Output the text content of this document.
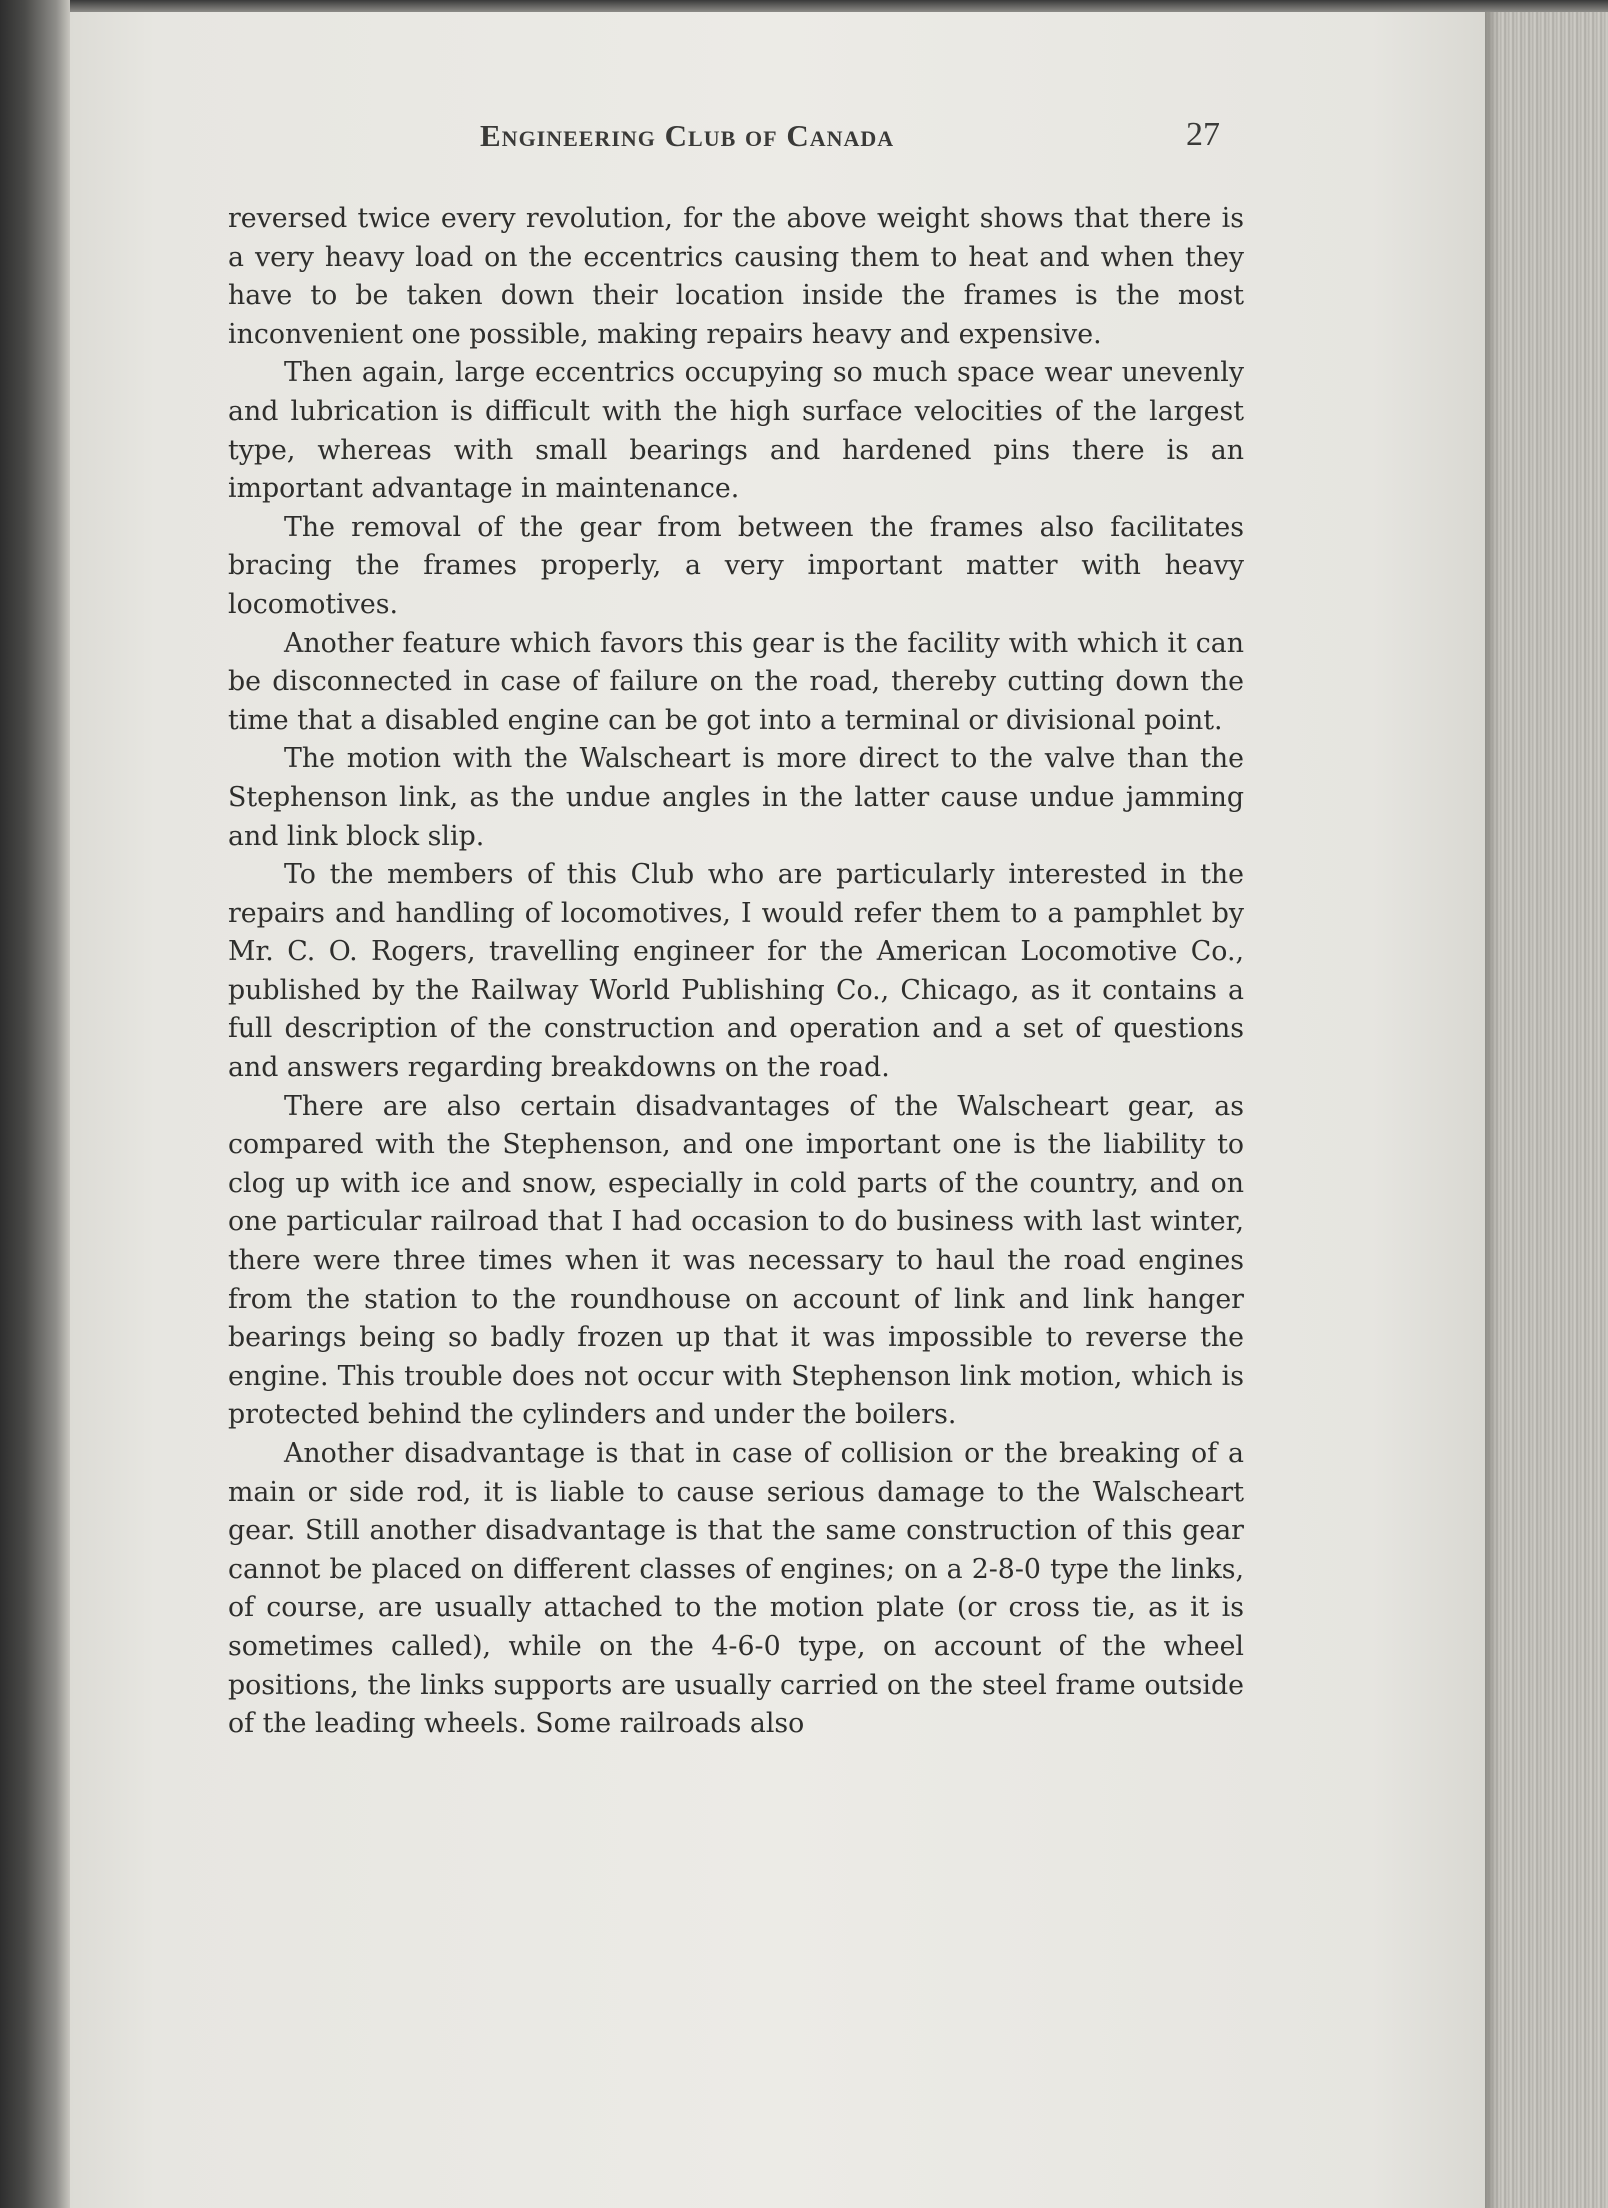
Engineering Club of Canada	27

reversed twice every revolution, for the above weight shows that there is a very heavy load on the eccentrics causing them to heat and when they have to be taken down their location inside the frames is the most inconvenient one possible, making repairs heavy and expensive.

Then again, large eccentrics occupying so much space wear unevenly and lubrication is difficult with the high surface velocities of the largest type, whereas with small bearings and hardened pins there is an important advantage in maintenance.

The removal of the gear from between the frames also facilitates bracing the frames properly, a very important matter with heavy locomotives.

Another feature which favors this gear is the facility with which it can be disconnected in case of failure on the road, thereby cutting down the time that a disabled engine can be got into a terminal or divisional point.

The motion with the Walscheart is more direct to the valve than the Stephenson link, as the undue angles in the latter cause undue jamming and link block slip.

To the members of this Club who are particularly interested in the repairs and handling of locomotives, I would refer them to a pamphlet by Mr. C. O. Rogers, travelling engineer for the American Locomotive Co., published by the Railway World Publishing Co., Chicago, as it contains a full description of the construction and operation and a set of questions and answers regarding breakdowns on the road.

There are also certain disadvantages of the Walscheart gear, as compared with the Stephenson, and one important one is the liability to clog up with ice and snow, especially in cold parts of the country, and on one particular railroad that I had occasion to do business with last winter, there were three times when it was necessary to haul the road engines from the station to the roundhouse on account of link and link hanger bearings being so badly frozen up that it was impossible to reverse the engine. This trouble does not occur with Stephenson link motion, which is protected behind the cylinders and under the boilers.

Another disadvantage is that in case of collision or the breaking of a main or side rod, it is liable to cause serious damage to the Walscheart gear. Still another disadvantage is that the same construction of this gear cannot be placed on different classes of engines; on a 2-8-0 type the links, of course, are usually attached to the motion plate (or cross tie, as it is sometimes called), while on the 4-6-0 type, on account of the wheel positions, the links supports are usually carried on the steel frame outside of the leading wheels. Some railroads also
